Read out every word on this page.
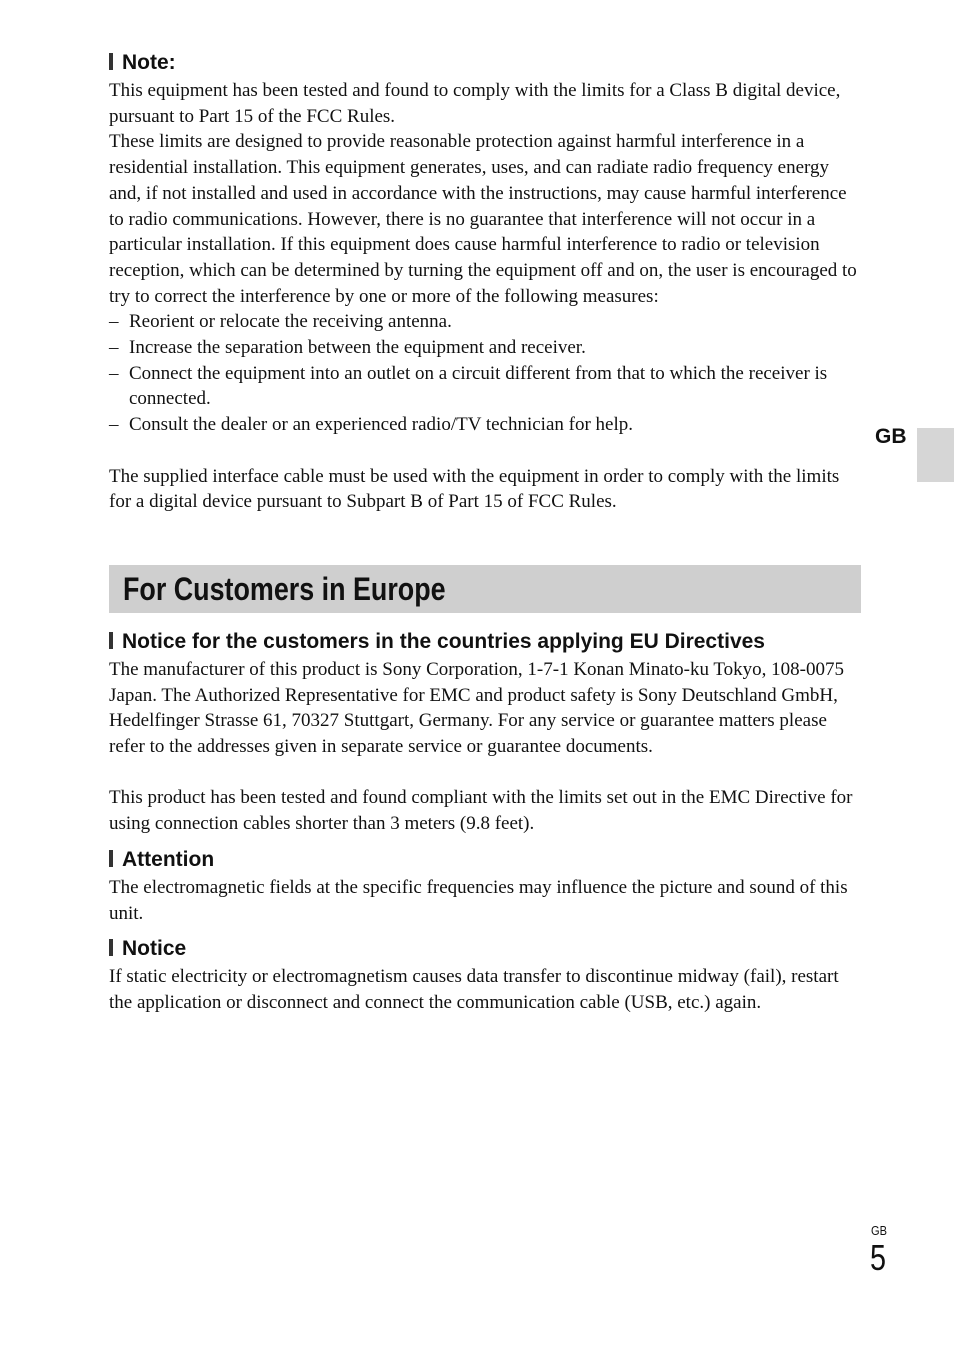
Note:

This equipment has been tested and found to comply with the limits for a Class B digital device, pursuant to Part 15 of the FCC Rules.

These limits are designed to provide reasonable protection against harmful interference in a residential installation. This equipment generates, uses, and can radiate radio frequency energy and, if not installed and used in accordance with the instructions, may cause harmful interference to radio communications. However, there is no guarantee that interference will not occur in a particular installation. If this equipment does cause harmful interference to radio or television reception, which can be determined by turning the equipment off and on, the user is encouraged to try to correct the interference by one or more of the following measures:

– Reorient or relocate the receiving antenna.
– Increase the separation between the equipment and receiver.
– Connect the equipment into an outlet on a circuit different from that to which the receiver is connected.
– Consult the dealer or an experienced radio/TV technician for help.

The supplied interface cable must be used with the equipment in order to comply with the limits for a digital device pursuant to Subpart B of Part 15 of FCC Rules.

For Customers in Europe
Notice for the customers in the countries applying EU Directives

The manufacturer of this product is Sony Corporation, 1-7-1 Konan Minato-ku Tokyo, 108-0075 Japan. The Authorized Representative for EMC and product safety is Sony Deutschland GmbH, Hedelfinger Strasse 61, 70327 Stuttgart, Germany. For any service or guarantee matters please refer to the addresses given in separate service or guarantee documents.

This product has been tested and found compliant with the limits set out in the EMC Directive for using connection cables shorter than 3 meters (9.8 feet).

Attention

The electromagnetic fields at the specific frequencies may influence the picture and sound of this unit.

Notice

If static electricity or electromagnetism causes data transfer to discontinue midway (fail), restart the application or disconnect and connect the communication cable (USB, etc.) again.

GB
GB
5
